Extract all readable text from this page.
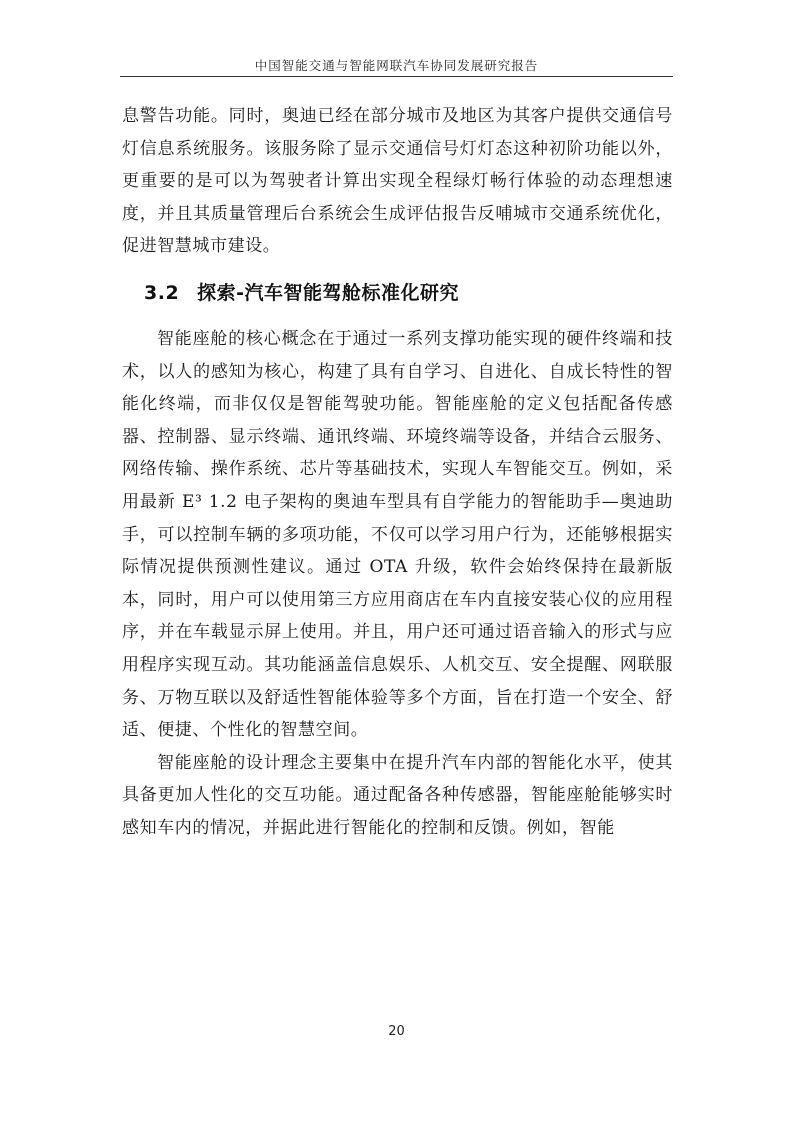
中国智能交通与智能网联汽车协同发展研究报告

息警告功能。同时，奥迪已经在部分城市及地区为其客户提供交通信号灯信息系统服务。该服务除了显示交通信号灯灯态这种初阶功能以外，更重要的是可以为驾驶者计算出实现全程绿灯畅行体验的动态理想速度，并且其质量管理后台系统会生成评估报告反哺城市交通系统优化，促进智慧城市建设。

3.2 探索-汽车智能驾舱标准化研究

智能座舱的核心概念在于通过一系列支撑功能实现的硬件终端和技术，以人的感知为核心，构建了具有自学习、自进化、自成长特性的智能化终端，而非仅仅是智能驾驶功能。智能座舱的定义包括配备传感器、控制器、显示终端、通讯终端、环境终端等设备，并结合云服务、网络传输、操作系统、芯片等基础技术，实现人车智能交互。例如，采用最新 E³ 1.2 电子架构的奥迪车型具有自学能力的智能助手—奥迪助手，可以控制车辆的多项功能，不仅可以学习用户行为，还能够根据实际情况提供预测性建议。通过 OTA 升级，软件会始终保持在最新版本，同时，用户可以使用第三方应用商店在车内直接安装心仪的应用程序，并在车载显示屏上使用。并且，用户还可通过语音输入的形式与应用程序实现互动。其功能涵盖信息娱乐、人机交互、安全提醒、网联服务、万物互联以及舒适性智能体验等多个方面，旨在打造一个安全、舒适、便捷、个性化的智慧空间。

智能座舱的设计理念主要集中在提升汽车内部的智能化水平，使其具备更加人性化的交互功能。通过配备各种传感器，智能座舱能够实时感知车内的情况，并据此进行智能化的控制和反馈。例如，智能

20
